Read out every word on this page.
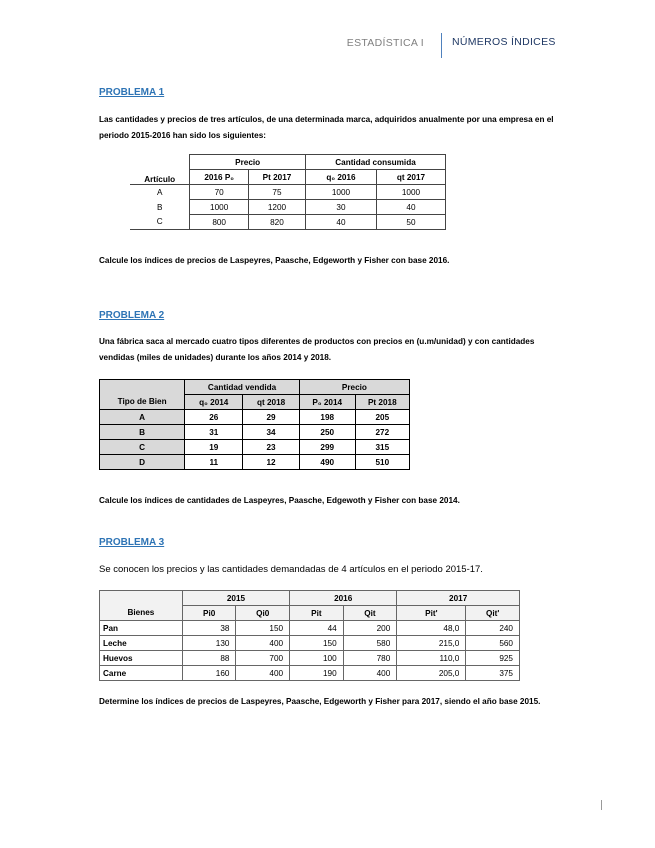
ESTADÍSTICA I	NÚMEROS ÍNDICES
PROBLEMA 1
Las cantidades y precios de tres artículos, de una determinada marca, adquiridos anualmente por una empresa en el periodo 2015-2016 han sido los siguientes:
Artículo	Precio		Cantidad consumida	
	2016 P₀	Pt 2017	q₀ 2016	qt 2017
A	70	75	1000	1000
B	1000	1200	30	40
C	800	820	40	50
Calcule los índices de precios de Laspeyres, Paasche, Edgeworth y Fisher con base 2016.
PROBLEMA 2
Una fábrica saca al mercado cuatro tipos diferentes de productos con precios en (u.m/unidad) y con cantidades vendidas (miles de unidades) durante los años 2014 y 2018.
	Cantidad vendida		Precio	
Tipo de Bien	q₀ 2014	qt 2018	P₀ 2014	Pt 2018
A	26	29	198	205
B	31	34	250	272
C	19	23	299	315
D	11	12	490	510
Calcule los índices de cantidades de Laspeyres, Paasche, Edgewoth y Fisher con base 2014.
PROBLEMA 3
Se conocen los precios y las cantidades demandadas de 4 artículos en el periodo 2015-17.
	2015		2016		2017	
Bienes	Pi0	Qi0	Pit	Qit	Pit'	Qit'
Pan	38	150	44	200	48,0	240
Leche	130	400	150	580	215,0	560
Huevos	88	700	100	780	110,0	925
Carne	160	400	190	400	205,0	375
Determine los índices de precios de Laspeyres, Paasche, Edgeworth y Fisher para 2017, siendo el año base 2015.
